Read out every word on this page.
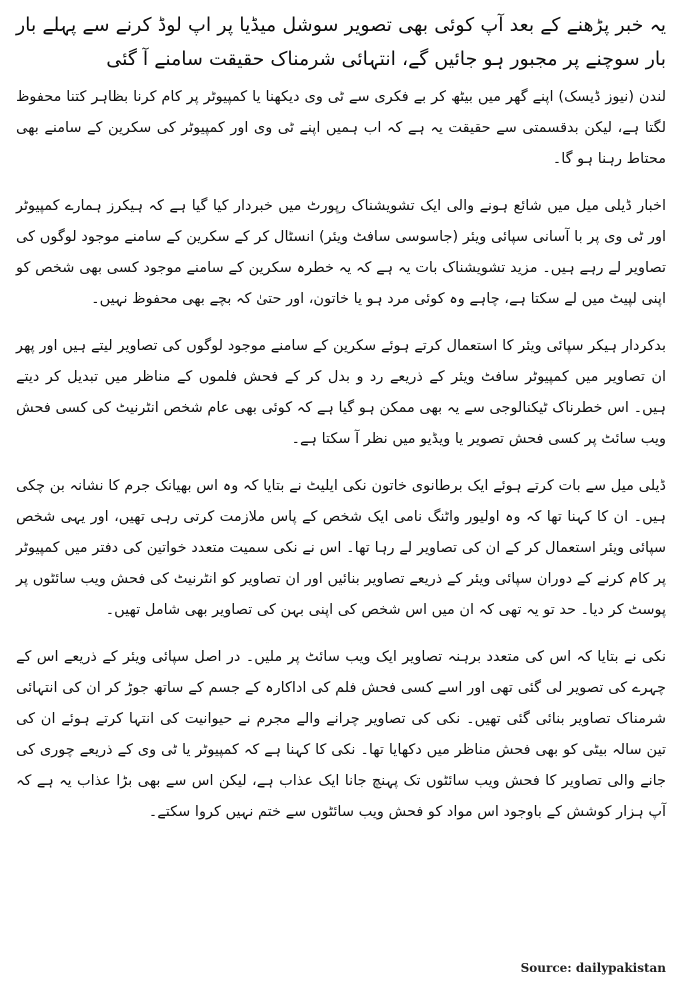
یہ خبر پڑھنے کے بعد آپ کوئی بھی تصویر سوشل میڈیا پر اپ لوڈ کرنے سے پہلے بار بار سوچنے پر مجبور ہو جائیں گے، انتہائی شرمناک حقیقت سامنے آ گئی

لندن (نیوز ڈیسک) اپنے گھر میں بیٹھ کر بے فکری سے ٹی وی دیکھنا یا کمپیوٹر پر کام کرنا بظاہر کتنا محفوظ لگتا ہے، لیکن بدقسمتی سے حقیقت یہ ہے کہ اب ہمیں اپنے ٹی وی اور کمپیوٹر کی سکرین کے سامنے بھی محتاط رہنا ہو گا۔

اخبار ڈیلی میل میں شائع ہونے والی ایک تشویشناک رپورٹ میں خبردار کیا گیا ہے کہ ہیکرز ہمارے کمپیوٹر اور ٹی وی پر با آسانی سپائی ویئر (جاسوسی سافٹ ویئر) انسٹال کر کے سکرین کے سامنے موجود لوگوں کی تصاویر لے رہے ہیں۔ مزید تشویشناک بات یہ ہے کہ یہ خطرہ سکرین کے سامنے موجود کسی بھی شخص کو اپنی لپیٹ میں لے سکتا ہے، چاہے وہ کوئی مرد ہو یا خاتون، اور حتیٰ کہ بچے بھی محفوظ نہیں۔

بدکردار ہیکر سپائی ویئر کا استعمال کرتے ہوئے سکرین کے سامنے موجود لوگوں کی تصاویر لیتے ہیں اور پھر ان تصاویر میں کمپیوٹر سافٹ ویئر کے ذریعے رد و بدل کر کے فحش فلموں کے مناظر میں تبدیل کر دیتے ہیں۔ اس خطرناک ٹیکنالوجی سے یہ بھی ممکن ہو گیا ہے کہ کوئی بھی عام شخص انٹرنیٹ کی کسی فحش ویب سائٹ پر کسی فحش تصویر یا ویڈیو میں نظر آ سکتا ہے۔

ڈیلی میل سے بات کرتے ہوئے ایک برطانوی خاتون نکی ایلیٹ نے بتایا کہ وہ اس بھیانک جرم کا نشانہ بن چکی ہیں۔ ان کا کہنا تھا کہ وہ اولیور واٹنگ نامی ایک شخص کے پاس ملازمت کرتی رہی تھیں، اور یہی شخص سپائی ویئر استعمال کر کے ان کی تصاویر لے رہا تھا۔ اس نے نکی سمیت متعدد خواتین کی دفتر میں کمپیوٹر پر کام کرنے کے دوران سپائی ویئر کے ذریعے تصاویر بنائیں اور ان تصاویر کو انٹرنیٹ کی فحش ویب سائٹوں پر پوسٹ کر دیا۔ حد تو یہ تھی کہ ان میں اس شخص کی اپنی بہن کی تصاویر بھی شامل تھیں۔

نکی نے بتایا کہ اس کی متعدد برہنہ تصاویر ایک ویب سائٹ پر ملیں۔ در اصل سپائی ویئر کے ذریعے اس کے چہرے کی تصویر لی گئی تھی اور اسے کسی فحش فلم کی اداکارہ کے جسم کے ساتھ جوڑ کر ان کی انتہائی شرمناک تصاویر بنائی گئی تھیں۔ نکی کی تصاویر چرانے والے مجرم نے حیوانیت کی انتہا کرتے ہوئے ان کی تین سالہ بیٹی کو بھی فحش مناظر میں دکھایا تھا۔ نکی کا کہنا ہے کہ کمپیوٹر یا ٹی وی کے ذریعے چوری کی جانے والی تصاویر کا فحش ویب سائٹوں تک پہنچ جانا ایک عذاب ہے، لیکن اس سے بھی بڑا عذاب یہ ہے کہ آپ ہزار کوشش کے باوجود اس مواد کو فحش ویب سائٹوں سے ختم نہیں کروا سکتے۔

Source: dailypakistan
